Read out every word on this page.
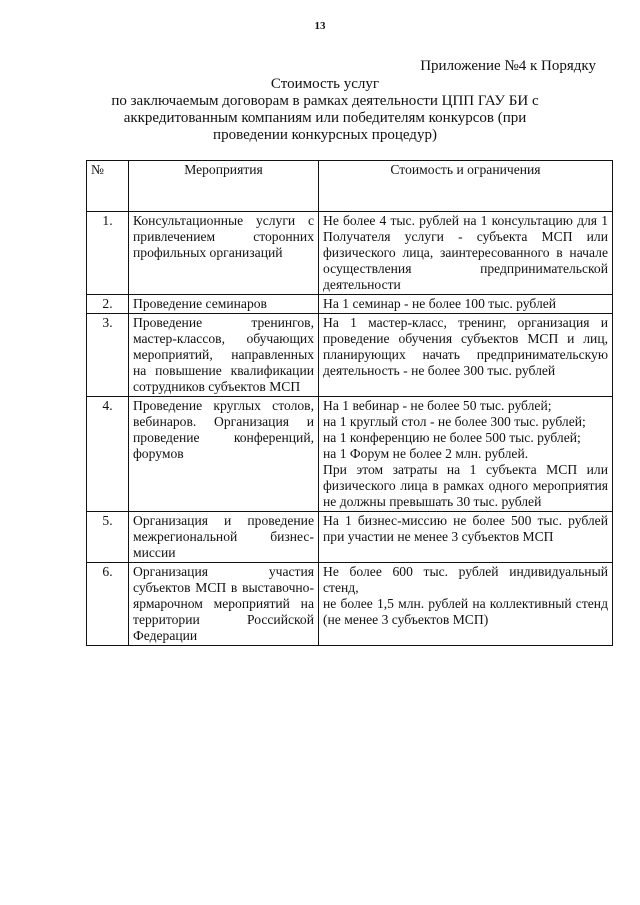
13
Приложение №4 к Порядку
Стоимость услуг
по заключаемым договорам в рамках деятельности ЦПП ГАУ БИ с
аккредитованным компаниям или победителям конкурсов (при
проведении конкурсных процедур)
№	Мероприятия	Стоимость и ограничения
1.	Консультационные услуги с привлечением сторонних профильных организаций	Не более 4 тыс. рублей на 1 консультацию для 1 Получателя услуги - субъекта МСП или физического лица, заинтересованного в начале осуществления предпринимательской деятельности

2.	Проведение семинаров	На 1 семинар - не более 100 тыс. рублей

3.	Проведение тренингов, мастер-классов, обучающих мероприятий, направленных на повышение квалификации сотрудников субъектов МСП	На 1 мастер-класс, тренинг, организация и проведение обучения субъектов МСП и лиц, планирующих начать предпринимательскую деятельность - не более 300 тыс. рублей

4.	Проведение круглых столов, вебинаров. Организация и проведение конференций, форумов	На 1 вебинар - не более 50 тыс. рублей;
на 1 круглый стол - не более 300 тыс. рублей;
на 1 конференцию не более 500 тыс. рублей;
на 1 Форум не более 2 млн. рублей.
При этом затраты на 1 субъекта МСП или физического лица в рамках одного мероприятия не должны превышать 30 тыс. рублей

5.	Организация и проведение межрегиональной бизнес-миссии	На 1 бизнес-миссию не более 500 тыс. рублей при участии не менее 3 субъектов МСП

6.	Организация участия субъектов МСП в выставочно-ярмарочном мероприятий на территории Российской Федерации	Не более 600 тыс. рублей индивидуальный стенд,
не более 1,5 млн. рублей на коллективный стенд (не менее 3 субъектов МСП)
